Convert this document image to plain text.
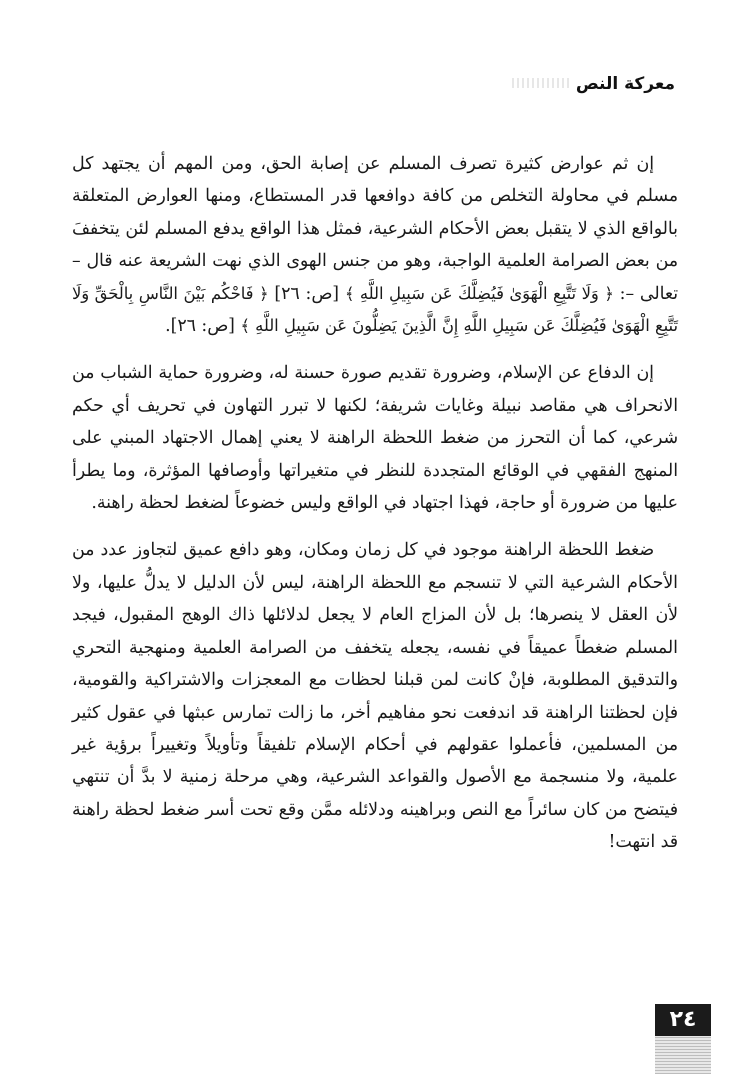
معركة النص

إن ثم عوارض كثيرة تصرف المسلم عن إصابة الحق، ومن المهم أن يجتهد كل مسلم في محاولة التخلص من كافة دوافعها قدر المستطاع، ومنها العوارض المتعلقة بالواقع الذي لا يتقبل بعض الأحكام الشرعية، فمثل هذا الواقع يدفع المسلم لئن يتخففَ من بعض الصرامة العلمية الواجبة، وهو من جنس الهوى الذي نهت الشريعة عنه قال – تعالى –: ﴿ وَلَا تَتَّبِعِ الْهَوَىٰ فَيُضِلَّكَ عَن سَبِيلِ اللَّهِ ﴾ [ص: ٢٦] ﴿ فَاحْكُم بَيْنَ النَّاسِ بِالْحَقِّ وَلَا تَتَّبِعِ الْهَوَىٰ فَيُضِلَّكَ عَن سَبِيلِ اللَّهِ إِنَّ الَّذِينَ يَضِلُّونَ عَن سَبِيلِ اللَّهِ ﴾ [ص: ٢٦].

إن الدفاع عن الإسلام، وضرورة تقديم صورة حسنة له، وضرورة حماية الشباب من الانحراف هي مقاصد نبيلة وغايات شريفة؛ لكنها لا تبرر التهاون في تحريف أي حكم شرعي، كما أن التحرز من ضغط اللحظة الراهنة لا يعني إهمال الاجتهاد المبني على المنهج الفقهي في الوقائع المتجددة للنظر في متغيراتها وأوصافها المؤثرة، وما يطرأ عليها من ضرورة أو حاجة، فهذا اجتهاد في الواقع وليس خضوعاً لضغط لحظة راهنة.

ضغط اللحظة الراهنة موجود في كل زمان ومكان، وهو دافع عميق لتجاوز عدد من الأحكام الشرعية التي لا تنسجم مع اللحظة الراهنة، ليس لأن الدليل لا يدلُّ عليها، ولا لأن العقل لا ينصرها؛ بل لأن المزاج العام لا يجعل لدلائلها ذاك الوهج المقبول، فيجد المسلم ضغطاً عميقاً في نفسه، يجعله يتخفف من الصرامة العلمية ومنهجية التحري والتدقيق المطلوبة، فإنْ كانت لمن قبلنا لحظات مع المعجزات والاشتراكية والقومية، فإن لحظتنا الراهنة قد اندفعت نحو مفاهيم أخر، ما زالت تمارس عبثها في عقول كثير من المسلمين، فأعملوا عقولهم في أحكام الإسلام تلفيقاً وتأويلاً وتغييراً برؤية غير علمية، ولا منسجمة مع الأصول والقواعد الشرعية، وهي مرحلة زمنية لا بدَّ أن تنتهي فيتضح من كان سائراً مع النص وبراهينه ودلائله ممَّن وقع تحت أسر ضغط لحظة راهنة قد انتهت!

٢٤
